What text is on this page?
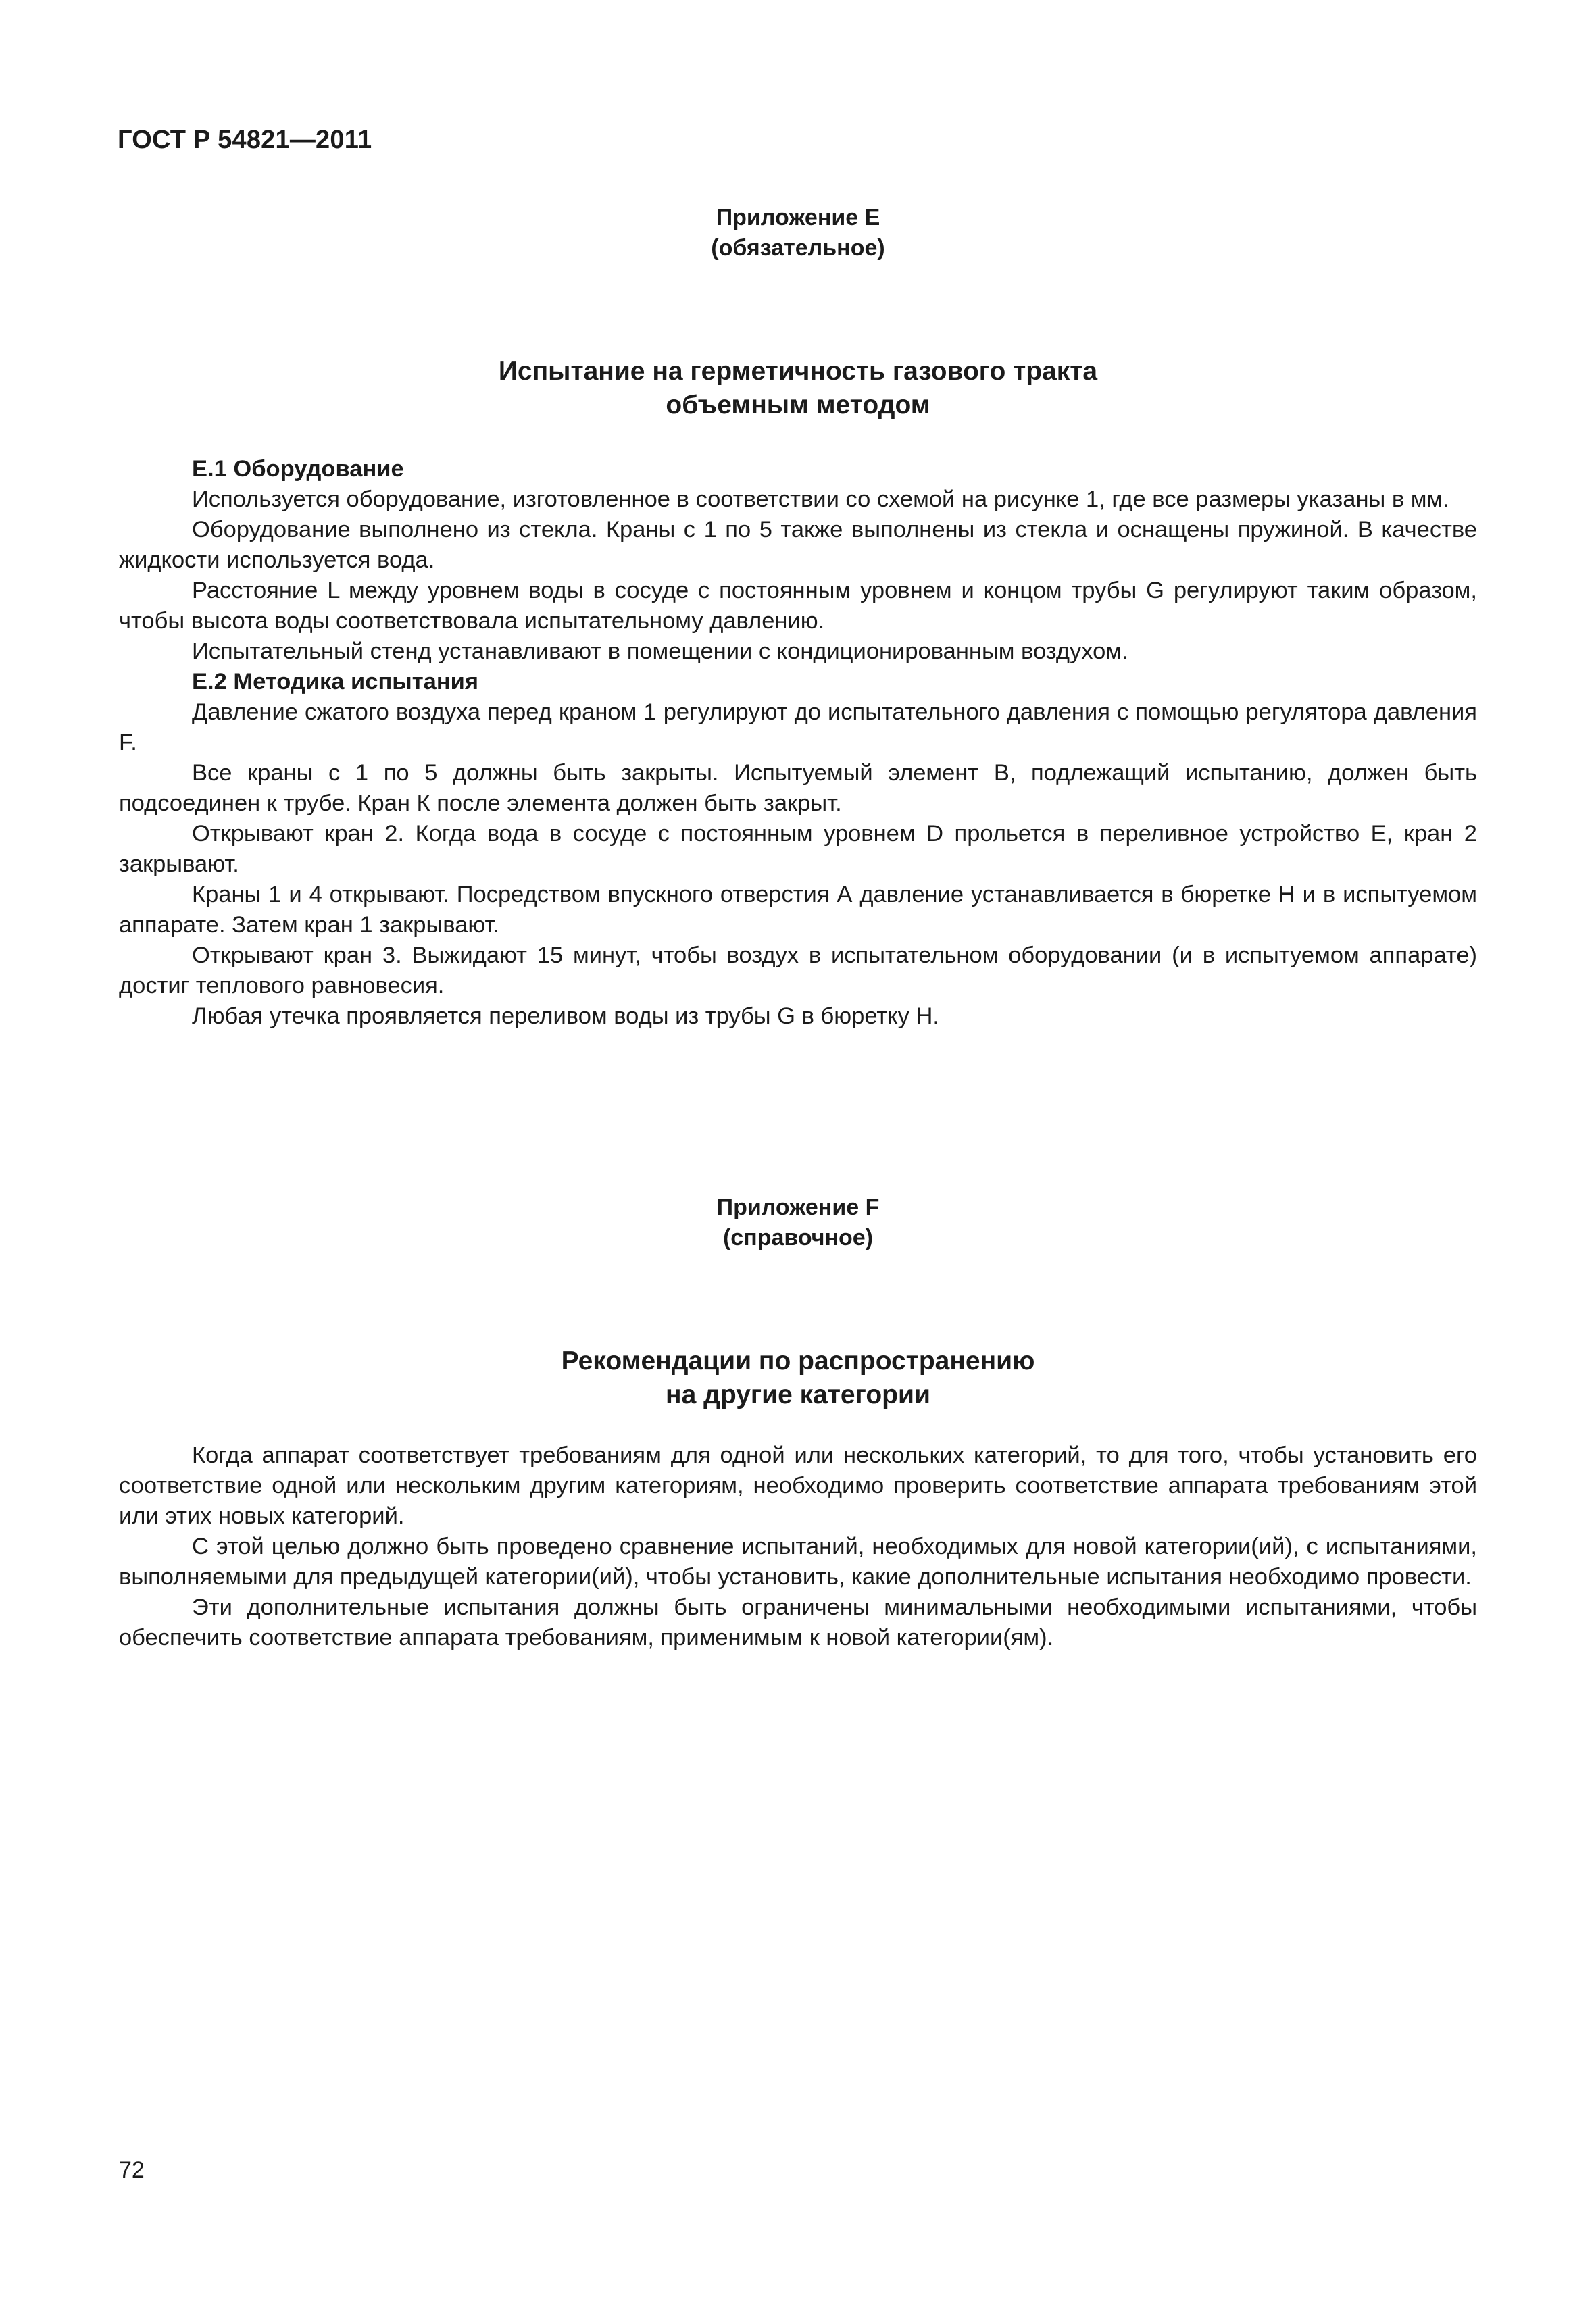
ГОСТ Р 54821—2011
Приложение E
(обязательное)
Испытание на герметичность газового тракта
объемным методом

E.1 Оборудование

Используется оборудование, изготовленное в соответствии со схемой на рисунке 1, где все размеры указаны в мм.

Оборудование выполнено из стекла. Краны с 1 по 5 также выполнены из стекла и оснащены пружиной. В качестве жидкости используется вода.

Расстояние L между уровнем воды в сосуде с постоянным уровнем и концом трубы G регулируют таким образом, чтобы высота воды соответствовала испытательному давлению.

Испытательный стенд устанавливают в помещении с кондиционированным воздухом.

E.2 Методика испытания

Давление сжатого воздуха перед краном 1 регулируют до испытательного давления с помощью регулятора давления F.

Все краны с 1 по 5 должны быть закрыты. Испытуемый элемент В, подлежащий испытанию, должен быть подсоединен к трубе. Кран К после элемента должен быть закрыт.

Открывают кран 2. Когда вода в сосуде с постоянным уровнем D прольется в переливное устройство Е, кран 2 закрывают.

Краны 1 и 4 открывают. Посредством впускного отверстия А давление устанавливается в бюретке Н и в испытуемом аппарате. Затем кран 1 закрывают.

Открывают кран 3. Выжидают 15 минут, чтобы воздух в испытательном оборудовании (и в испытуемом аппарате) достиг теплового равновесия.

Любая утечка проявляется переливом воды из трубы G в бюретку Н.

Приложение F
(справочное)
Рекомендации по распространению
на другие категории

Когда аппарат соответствует требованиям для одной или нескольких категорий, то для того, чтобы установить его соответствие одной или нескольким другим категориям, необходимо проверить соответствие аппарата требованиям этой или этих новых категорий.

С этой целью должно быть проведено сравнение испытаний, необходимых для новой категории(ий), с испытаниями, выполняемыми для предыдущей категории(ий), чтобы установить, какие дополнительные испытания необходимо провести.

Эти дополнительные испытания должны быть ограничены минимальными необходимыми испытаниями, чтобы обеспечить соответствие аппарата требованиям, применимым к новой категории(ям).

72
